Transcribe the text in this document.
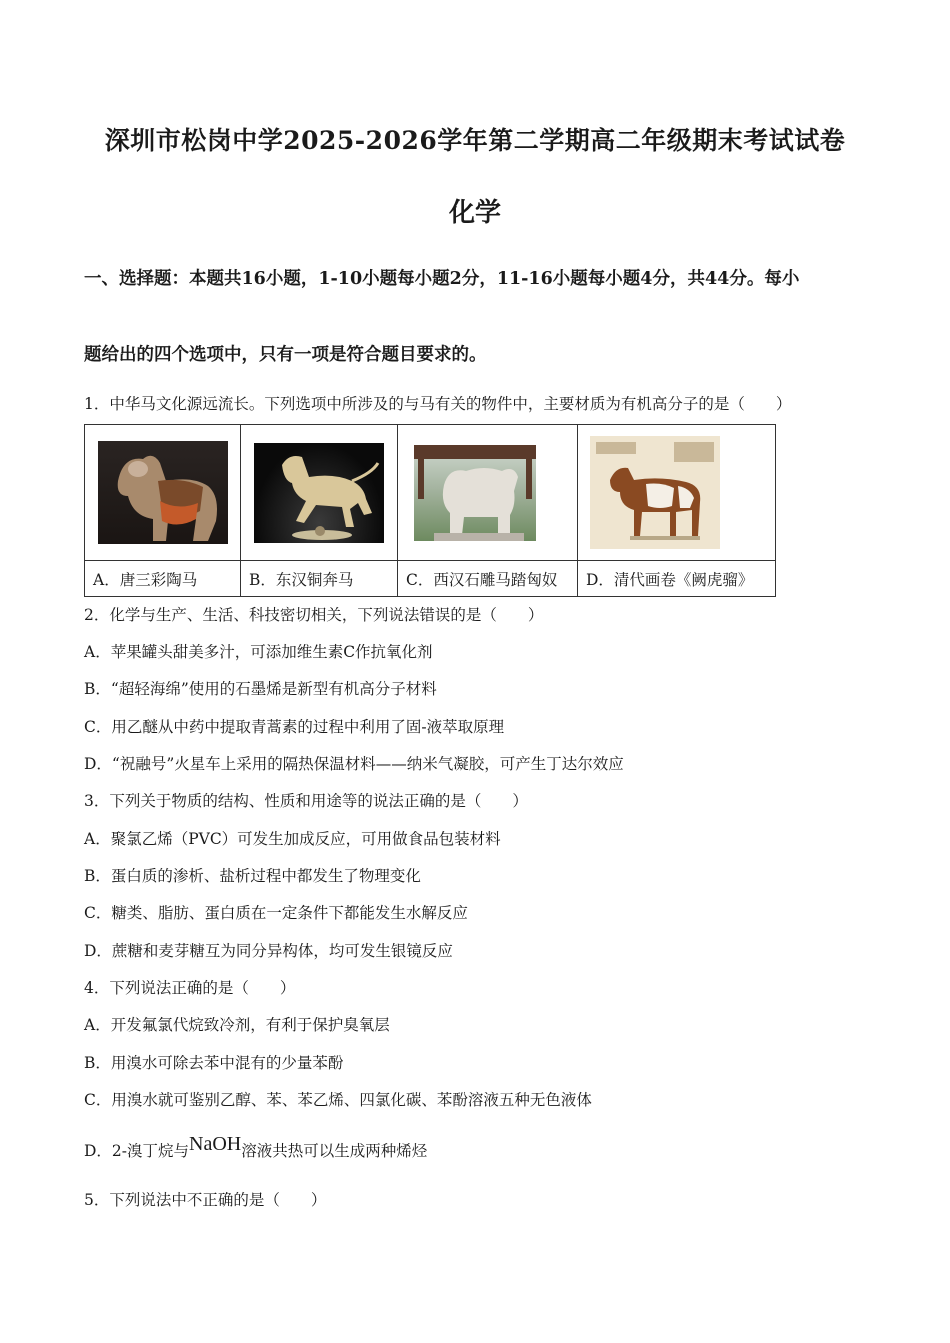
深圳市松岗中学2025-2026学年第二学期高二年级期末考试试卷
化学
一、选择题：本题共16小题，1-10小题每小题2分，11-16小题每小题4分，共44分。每小
题给出的四个选项中，只有一项是符合题目要求的。
1．中华马文化源远流长。下列选项中所涉及的与马有关的物件中，主要材质为有机高分子的是（　　）

A．唐三彩陶马	B．东汉铜奔马	C．西汉石雕马踏匈奴	D．清代画卷《阙虎骝》
2．化学与生产、生活、科技密切相关，下列说法错误的是（　　）
A．苹果罐头甜美多汁，可添加维生素C作抗氧化剂
B．“超轻海绵”使用的石墨烯是新型有机高分子材料
C．用乙醚从中药中提取青蒿素的过程中利用了固-液萃取原理
D．“祝融号”火星车上采用的隔热保温材料——纳米气凝胶，可产生丁达尔效应
3．下列关于物质的结构、性质和用途等的说法正确的是（　　）
A．聚氯乙烯（PVC）可发生加成反应，可用做食品包装材料
B．蛋白质的渗析、盐析过程中都发生了物理变化
C．糖类、脂肪、蛋白质在一定条件下都能发生水解反应
D．蔗糖和麦芽糖互为同分异构体，均可发生银镜反应
4．下列说法正确的是（　　）
A．开发氟氯代烷致冷剂，有利于保护臭氧层
B．用溴水可除去苯中混有的少量苯酚
C．用溴水就可鉴别乙醇、苯、苯乙烯、四氯化碳、苯酚溶液五种无色液体
D．2-溴丁烷与NaOH溶液共热可以生成两种烯烃
5．下列说法中不正确的是（　　）
